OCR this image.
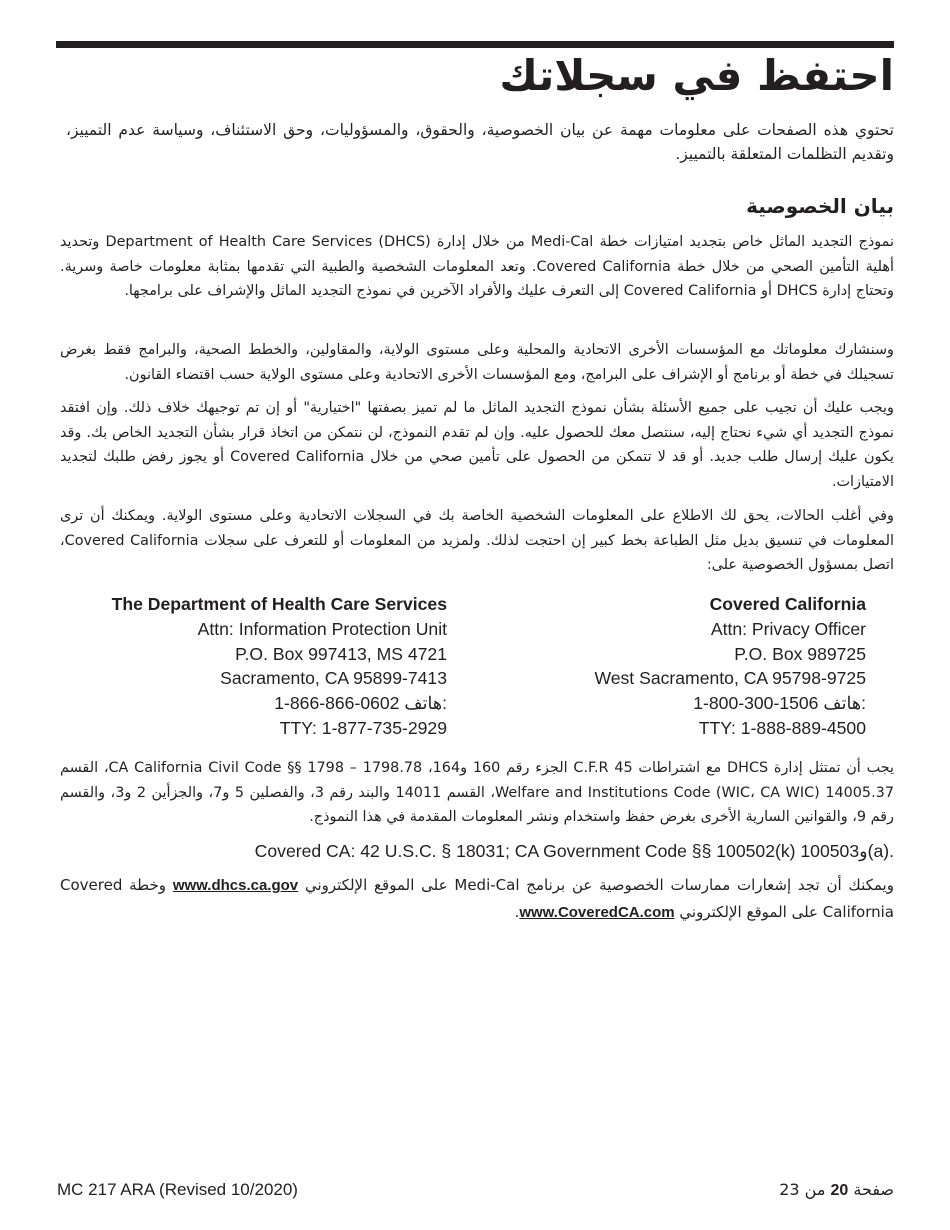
احتفظ في سجلاتك

تحتوي هذه الصفحات على معلومات مهمة عن بيان الخصوصية، والحقوق، والمسؤوليات، وحق الاستئناف، وسياسة عدم التمييز، وتقديم التظلمات المتعلقة بالتمييز.

بيان الخصوصية

نموذج التجديد الماثل خاص بتجديد امتيازات خطة Medi-Cal من خلال إدارة Department of Health Care Services (DHCS) وتحديد أهلية التأمين الصحي من خلال خطة Covered California. وتعد المعلومات الشخصية والطبية التي تقدمها بمثابة معلومات خاصة وسرية. وتحتاج إدارة DHCS أو Covered California إلى التعرف عليك والأفراد الآخرين في نموذج التجديد الماثل والإشراف على برامجها.

وسنشارك معلوماتك مع المؤسسات الأخرى الاتحادية والمحلية وعلى مستوى الولاية، والمقاولين، والخطط الصحية، والبرامج فقط بغرض تسجيلك في خطة أو برنامج أو الإشراف على البرامج، ومع المؤسسات الأخرى الاتحادية وعلى مستوى الولاية حسب اقتضاء القانون.

ويجب عليك أن تجيب على جميع الأسئلة بشأن نموذج التجديد الماثل ما لم تميز بصفتها "اختيارية" أو إن تم توجيهك خلاف ذلك. وإن افتقد نموذج التجديد أي شيء نحتاج إليه، سنتصل معك للحصول عليه. وإن لم تقدم النموذج، لن نتمكن من اتخاذ قرار بشأن التجديد الخاص بك. وقد يكون عليك إرسال طلب جديد. أو قد لا تتمكن من الحصول على تأمين صحي من خلال Covered California أو يجوز رفض طلبك لتجديد الامتيازات.

وفي أغلب الحالات، يحق لك الاطلاع على المعلومات الشخصية الخاصة بك في السجلات الاتحادية وعلى مستوى الولاية. ويمكنك أن ترى المعلومات في تنسيق بديل مثل الطباعة بخط كبير إن احتجت لذلك. ولمزيد من المعلومات أو للتعرف على سجلات Covered California، اتصل بمسؤول الخصوصية على:

The Department of Health Care Services
Attn: Information Protection Unit
P.O. Box 997413, MS 4721
Sacramento, CA 95899-7413
1-866-866-0602 هاتف:
TTY: 1-877-735-2929
Covered California
Attn: Privacy Officer
P.O. Box 989725
West Sacramento, CA 95798-9725
1-800-300-1506 هاتف:
TTY: 1-888-889-4500

يجب أن تمتثل إدارة DHCS مع اشتراطات C.F.R 45 الجزء رقم 160 و164، CA California Civil Code §§ 1798 – 1798.78، القسم 14005.37 (Welfare and Institutions Code (WIC، CA WIC، القسم 14011 والبند رقم 3، والفصلين 5 و7، والجزأين 2 و3، والقسم رقم 9، والقوانين السارية الأخرى بغرض حفظ واستخدام ونشر المعلومات المقدمة في هذا النموذج.

Covered CA: 42 U.S.C. § 18031; CA Government Code §§ 100502(k) و100503(a).

ويمكنك أن تجد إشعارات ممارسات الخصوصية عن برنامج Medi-Cal على الموقع الإلكتروني www.dhcs.ca.gov وخطة Covered California على الموقع الإلكتروني www.CoveredCA.com.

MC 217 ARA (Revised 10/2020)	صفحة 20 من 23
